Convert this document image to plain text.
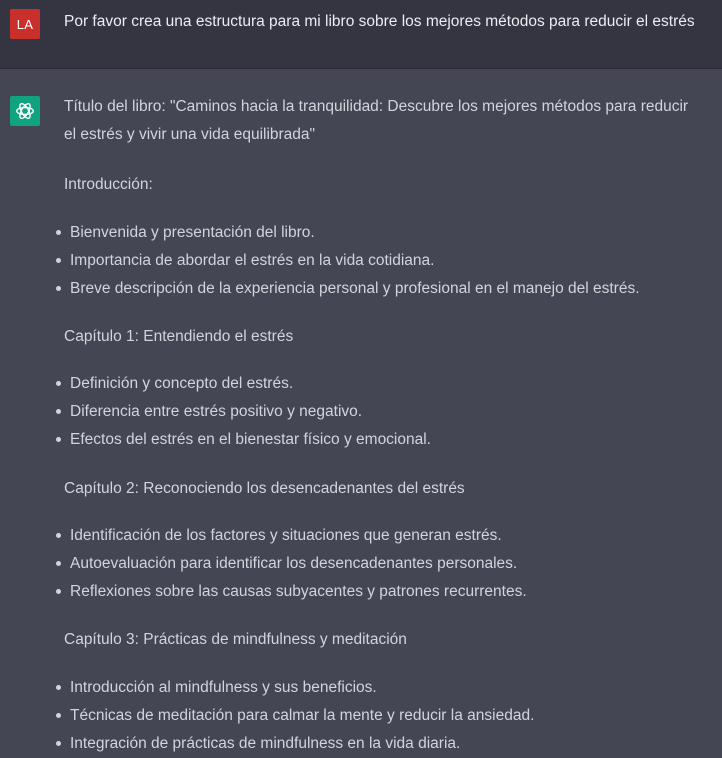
LA	Por favor crea una estructura para mi libro sobre los mejores métodos para reducir el estrés

Título del libro: "Caminos hacia la tranquilidad: Descubre los mejores métodos para reducir
el estrés y vivir una vida equilibrada"

Introducción:
Bienvenida y presentación del libro.
Importancia de abordar el estrés en la vida cotidiana.
Breve descripción de la experiencia personal y profesional en el manejo del estrés.
Capítulo 1: Entendiendo el estrés
Definición y concepto del estrés.
Diferencia entre estrés positivo y negativo.
Efectos del estrés en el bienestar físico y emocional.
Capítulo 2: Reconociendo los desencadenantes del estrés
Identificación de los factores y situaciones que generan estrés.
Autoevaluación para identificar los desencadenantes personales.
Reflexiones sobre las causas subyacentes y patrones recurrentes.
Capítulo 3: Prácticas de mindfulness y meditación
Introducción al mindfulness y sus beneficios.
Técnicas de meditación para calmar la mente y reducir la ansiedad.
Integración de prácticas de mindfulness en la vida diaria.
